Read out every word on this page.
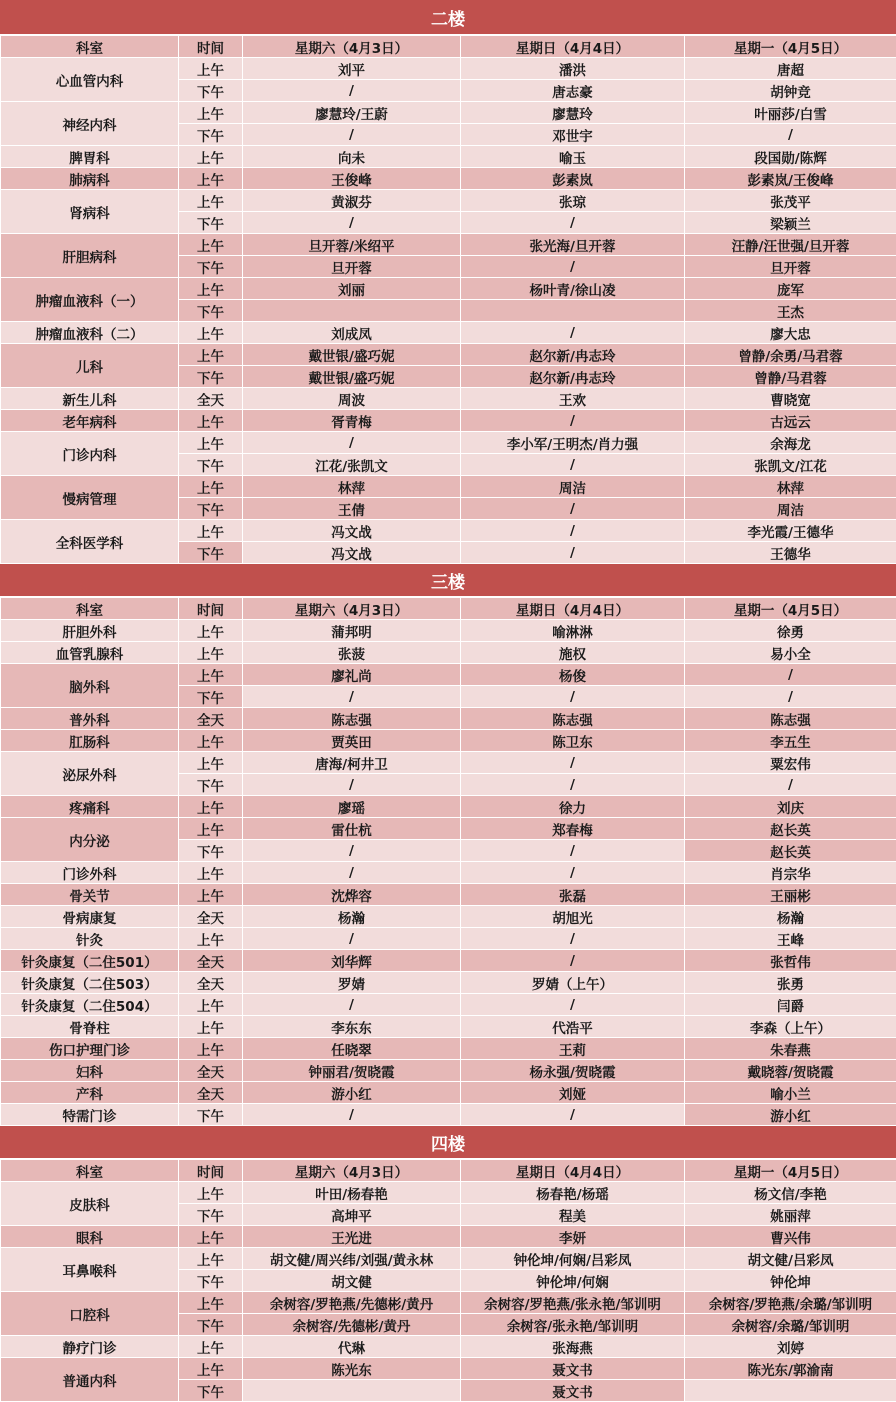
二楼
科室	时间	星期六（4月3日）	星期日（4月4日）	星期一（4月5日）
心血管内科	上午	刘平	潘洪	唐超
	下午	/	唐志豪	胡钟竞
神经内科	上午	廖慧玲/王蔚	廖慧玲	叶丽莎/白雪
	下午	/	邓世宇	/
脾胃科	上午	向未	喻玉	段国勋/陈辉
肺病科	上午	王俊峰	彭素岚	彭素岚/王俊峰
肾病科	上午	黄淑芬	张琼	张茂平
	下午	/	/	梁颖兰
肝胆病科	上午	旦开蓉/米绍平	张光海/旦开蓉	汪静/汪世强/旦开蓉
	下午	旦开蓉	/	旦开蓉
肿瘤血液科（一）	上午	刘丽	杨叶青/徐山凌	庞军
	下午			王杰
肿瘤血液科（二）	上午	刘成凤	/	廖大忠
儿科	上午	戴世银/盛巧妮	赵尔新/冉志玲	曾静/余勇/马君蓉
	下午	戴世银/盛巧妮	赵尔新/冉志玲	曾静/马君蓉
新生儿科	全天	周波	王欢	曹晓宽
老年病科	上午	胥青梅	/	古远云
门诊内科	上午	/	李小军/王明杰/肖力强	余海龙
	下午	江花/张凯文	/	张凯文/江花
慢病管理	上午	林萍	周洁	林萍
	下午	王倩	/	周洁
全科医学科	上午	冯文战	/	李光霞/王德华
	下午	冯文战	/	王德华
三楼
科室	时间	星期六（4月3日）	星期日（4月4日）	星期一（4月5日）
肝胆外科	上午	蒲邦明	喻淋淋	徐勇
血管乳腺科	上午	张菠	施权	易小全
脑外科	上午	廖礼尚	杨俊	/
	下午	/	/	/
普外科	全天	陈志强	陈志强	陈志强
肛肠科	上午	贾英田	陈卫东	李五生
泌尿外科	上午	唐海/柯井卫	/	粟宏伟
	下午	/	/	/
疼痛科	上午	廖瑶	徐力	刘庆
内分泌	上午	雷仕杭	郑春梅	赵长英
	下午	/	/	赵长英
门诊外科	上午	/	/	肖宗华
骨关节	上午	沈烨容	张磊	王丽彬
骨病康复	全天	杨瀚	胡旭光	杨瀚
针灸	上午	/	/	王峰
针灸康复（二住501）	全天	刘华辉	/	张哲伟
针灸康复（二住503）	全天	罗婧	罗婧（上午）	张勇
针灸康复（二住504）	上午	/	/	闫爵
骨脊柱	上午	李东东	代浩平	李森（上午）
伤口护理门诊	上午	任晓翠	王莉	朱春燕
妇科	全天	钟丽君/贺晓霞	杨永强/贺晓霞	戴晓蓉/贺晓霞
产科	全天	游小红	刘娅	喻小兰
特需门诊	下午	/	/	游小红
四楼
科室	时间	星期六（4月3日）	星期日（4月4日）	星期一（4月5日）
皮肤科	上午	叶田/杨春艳	杨春艳/杨瑶	杨文信/李艳
	下午	高坤平	程美	姚丽萍
眼科	上午	王光进	李妍	曹兴伟
耳鼻喉科	上午	胡文健/周兴纬/刘强/黄永林	钟伦坤/何娴/吕彩凤	胡文健/吕彩凤
	下午	胡文健	钟伦坤/何娴	钟伦坤
口腔科	上午	余树容/罗艳燕/先德彬/黄丹	余树容/罗艳燕/张永艳/邹训明	余树容/罗艳燕/余璐/邹训明
	下午	余树容/先德彬/黄丹	余树容/张永艳/邹训明	余树容/余璐/邹训明
静疗门诊	上午	代琳	张海燕	刘婷
普通内科	上午	陈光东	聂文书	陈光东/郭渝南
	下午		聂文书	
